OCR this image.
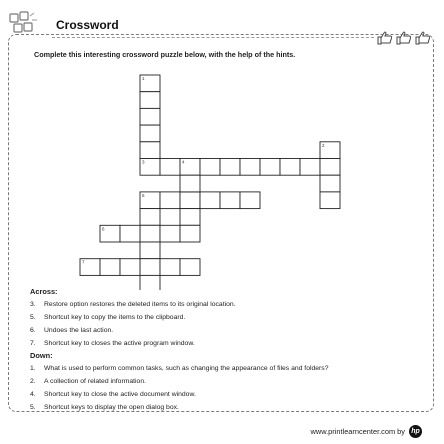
Crossword
Complete this interesting crossword puzzle below, with the help of the hints.
1
2
3	4
5
6
7
Across:
3.	Restore option restores the deleted items to its original location.
5.	Shortcut key to copy the items to the clipboard.
6.	Undoes the last action.
7.	Shortcut key to closes the active program window.
Down:
1.	What is used to perform common tasks, such as changing the appearance of files and folders?
2.	A collection of related information.
4.	Shortcut key to close the active document window.
5.	Shortcut keys to display the open dialog box.
www.printlearncenter.com by hp
